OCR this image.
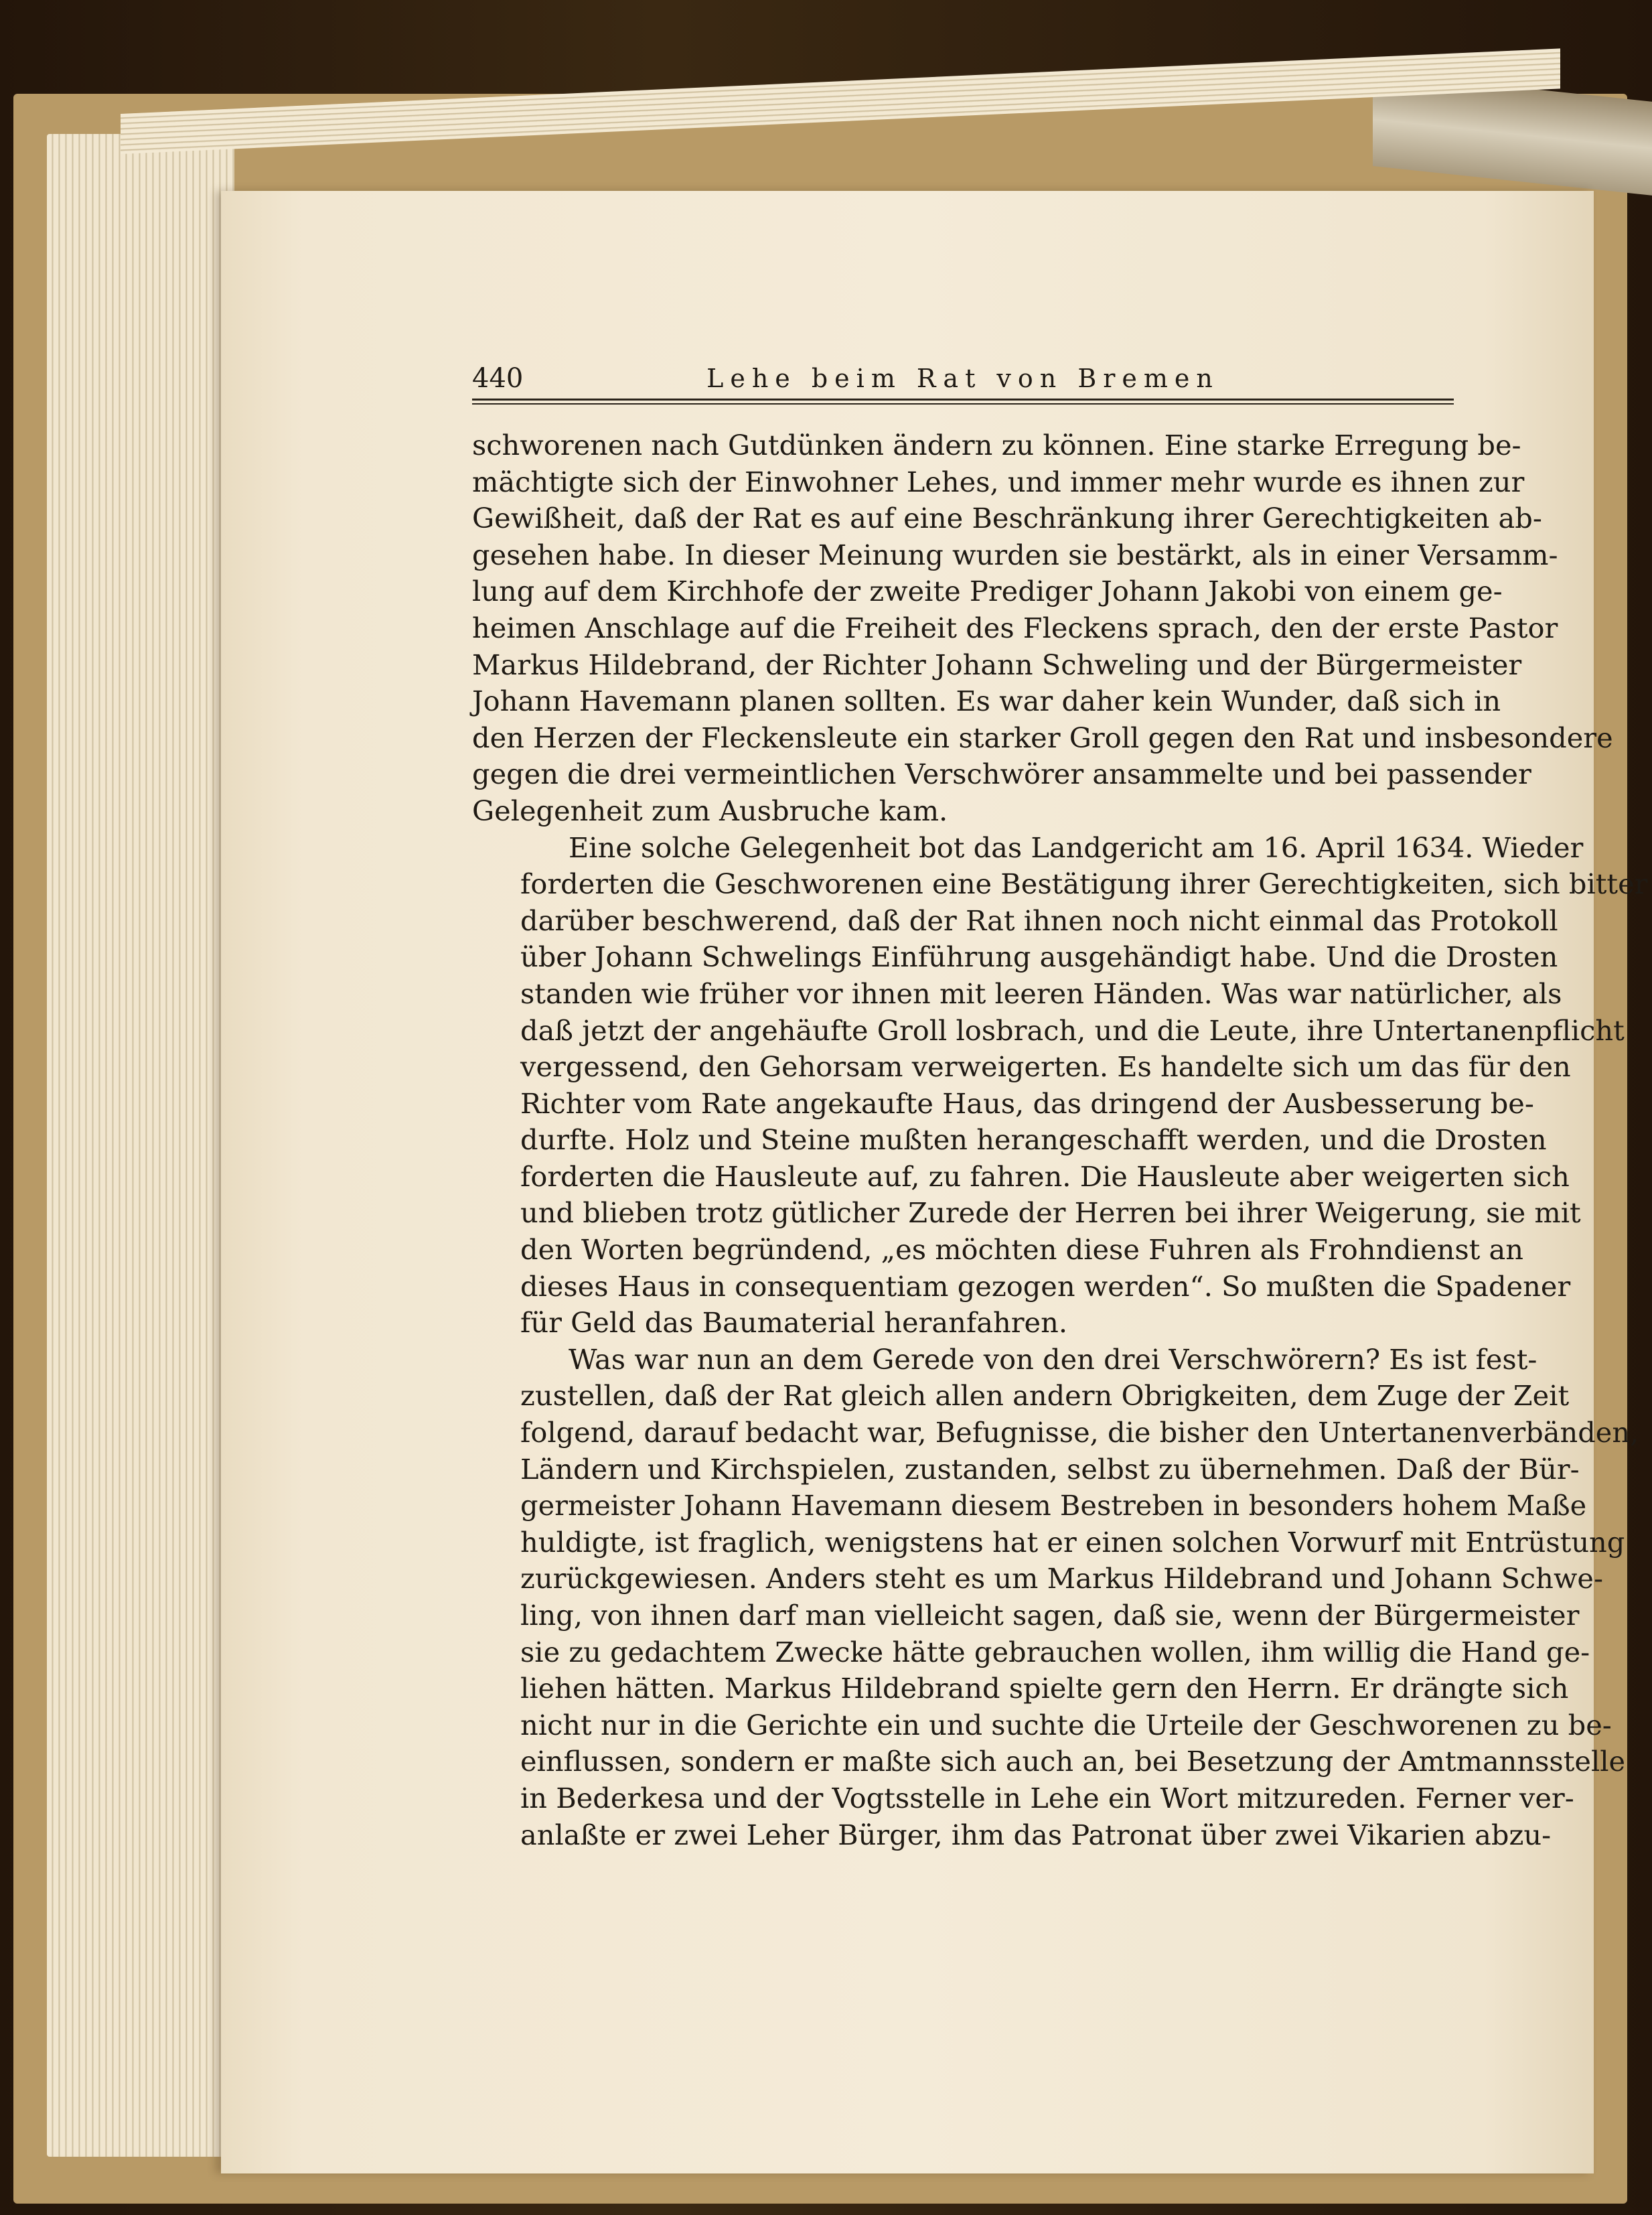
440	Lehe beim Rat von Bremen

schworenen nach Gutdünken ändern zu können. Eine starke Erregung be-
mächtigte sich der Einwohner Lehes, und immer mehr wurde es ihnen zur
Gewißheit, daß der Rat es auf eine Beschränkung ihrer Gerechtigkeiten ab-
gesehen habe. In dieser Meinung wurden sie bestärkt, als in einer Versamm-
lung auf dem Kirchhofe der zweite Prediger Johann Jakobi von einem ge-
heimen Anschlage auf die Freiheit des Fleckens sprach, den der erste Pastor
Markus Hildebrand, der Richter Johann Schweling und der Bürgermeister
Johann Havemann planen sollten. Es war daher kein Wunder, daß sich in
den Herzen der Fleckensleute ein starker Groll gegen den Rat und insbesondere
gegen die drei vermeintlichen Verschwörer ansammelte und bei passender
Gelegenheit zum Ausbruche kam.

Eine solche Gelegenheit bot das Landgericht am 16. April 1634. Wieder
forderten die Geschworenen eine Bestätigung ihrer Gerechtigkeiten, sich bitter
darüber beschwerend, daß der Rat ihnen noch nicht einmal das Protokoll
über Johann Schwelings Einführung ausgehändigt habe. Und die Drosten
standen wie früher vor ihnen mit leeren Händen. Was war natürlicher, als
daß jetzt der angehäufte Groll losbrach, und die Leute, ihre Untertanenpflicht
vergessend, den Gehorsam verweigerten. Es handelte sich um das für den
Richter vom Rate angekaufte Haus, das dringend der Ausbesserung be-
durfte. Holz und Steine mußten herangeschafft werden, und die Drosten
forderten die Hausleute auf, zu fahren. Die Hausleute aber weigerten sich
und blieben trotz gütlicher Zurede der Herren bei ihrer Weigerung, sie mit
den Worten begründend, „es möchten diese Fuhren als Frohndienst an
dieses Haus in consequentiam gezogen werden“. So mußten die Spadener
für Geld das Baumaterial heranfahren.

Was war nun an dem Gerede von den drei Verschwörern? Es ist fest-
zustellen, daß der Rat gleich allen andern Obrigkeiten, dem Zuge der Zeit
folgend, darauf bedacht war, Befugnisse, die bisher den Untertanenverbänden,
Ländern und Kirchspielen, zustanden, selbst zu übernehmen. Daß der Bür-
germeister Johann Havemann diesem Bestreben in besonders hohem Maße
huldigte, ist fraglich, wenigstens hat er einen solchen Vorwurf mit Entrüstung
zurückgewiesen. Anders steht es um Markus Hildebrand und Johann Schwe-
ling, von ihnen darf man vielleicht sagen, daß sie, wenn der Bürgermeister
sie zu gedachtem Zwecke hätte gebrauchen wollen, ihm willig die Hand ge-
liehen hätten. Markus Hildebrand spielte gern den Herrn. Er drängte sich
nicht nur in die Gerichte ein und suchte die Urteile der Geschworenen zu be-
einflussen, sondern er maßte sich auch an, bei Besetzung der Amtmannsstelle
in Bederkesa und der Vogtsstelle in Lehe ein Wort mitzureden. Ferner ver-
anlaßte er zwei Leher Bürger, ihm das Patronat über zwei Vikarien abzu-
